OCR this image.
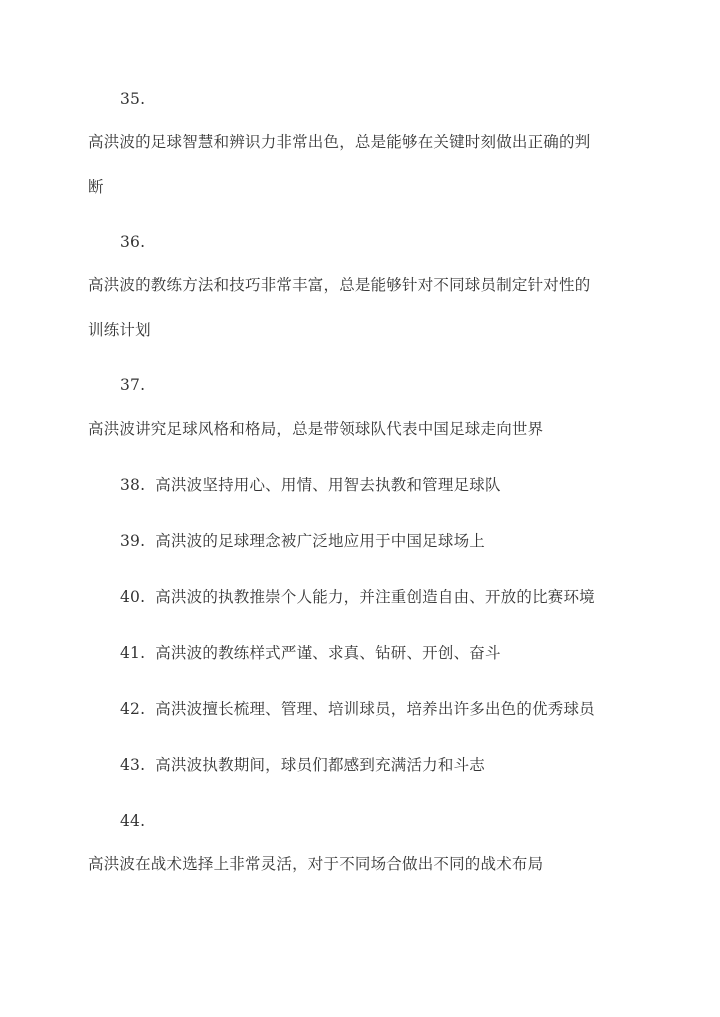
35.
高洪波的足球智慧和辨识力非常出色，总是能够在关键时刻做出正确的判
断
36.
高洪波的教练方法和技巧非常丰富，总是能够针对不同球员制定针对性的
训练计划
37.
高洪波讲究足球风格和格局，总是带领球队代表中国足球走向世界
38. 高洪波坚持用心、用情、用智去执教和管理足球队
39. 高洪波的足球理念被广泛地应用于中国足球场上
40. 高洪波的执教推崇个人能力，并注重创造自由、开放的比赛环境
41. 高洪波的教练样式严谨、求真、钻研、开创、奋斗
42. 高洪波擅长梳理、管理、培训球员，培养出许多出色的优秀球员
43. 高洪波执教期间，球员们都感到充满活力和斗志
44.
高洪波在战术选择上非常灵活，对于不同场合做出不同的战术布局
